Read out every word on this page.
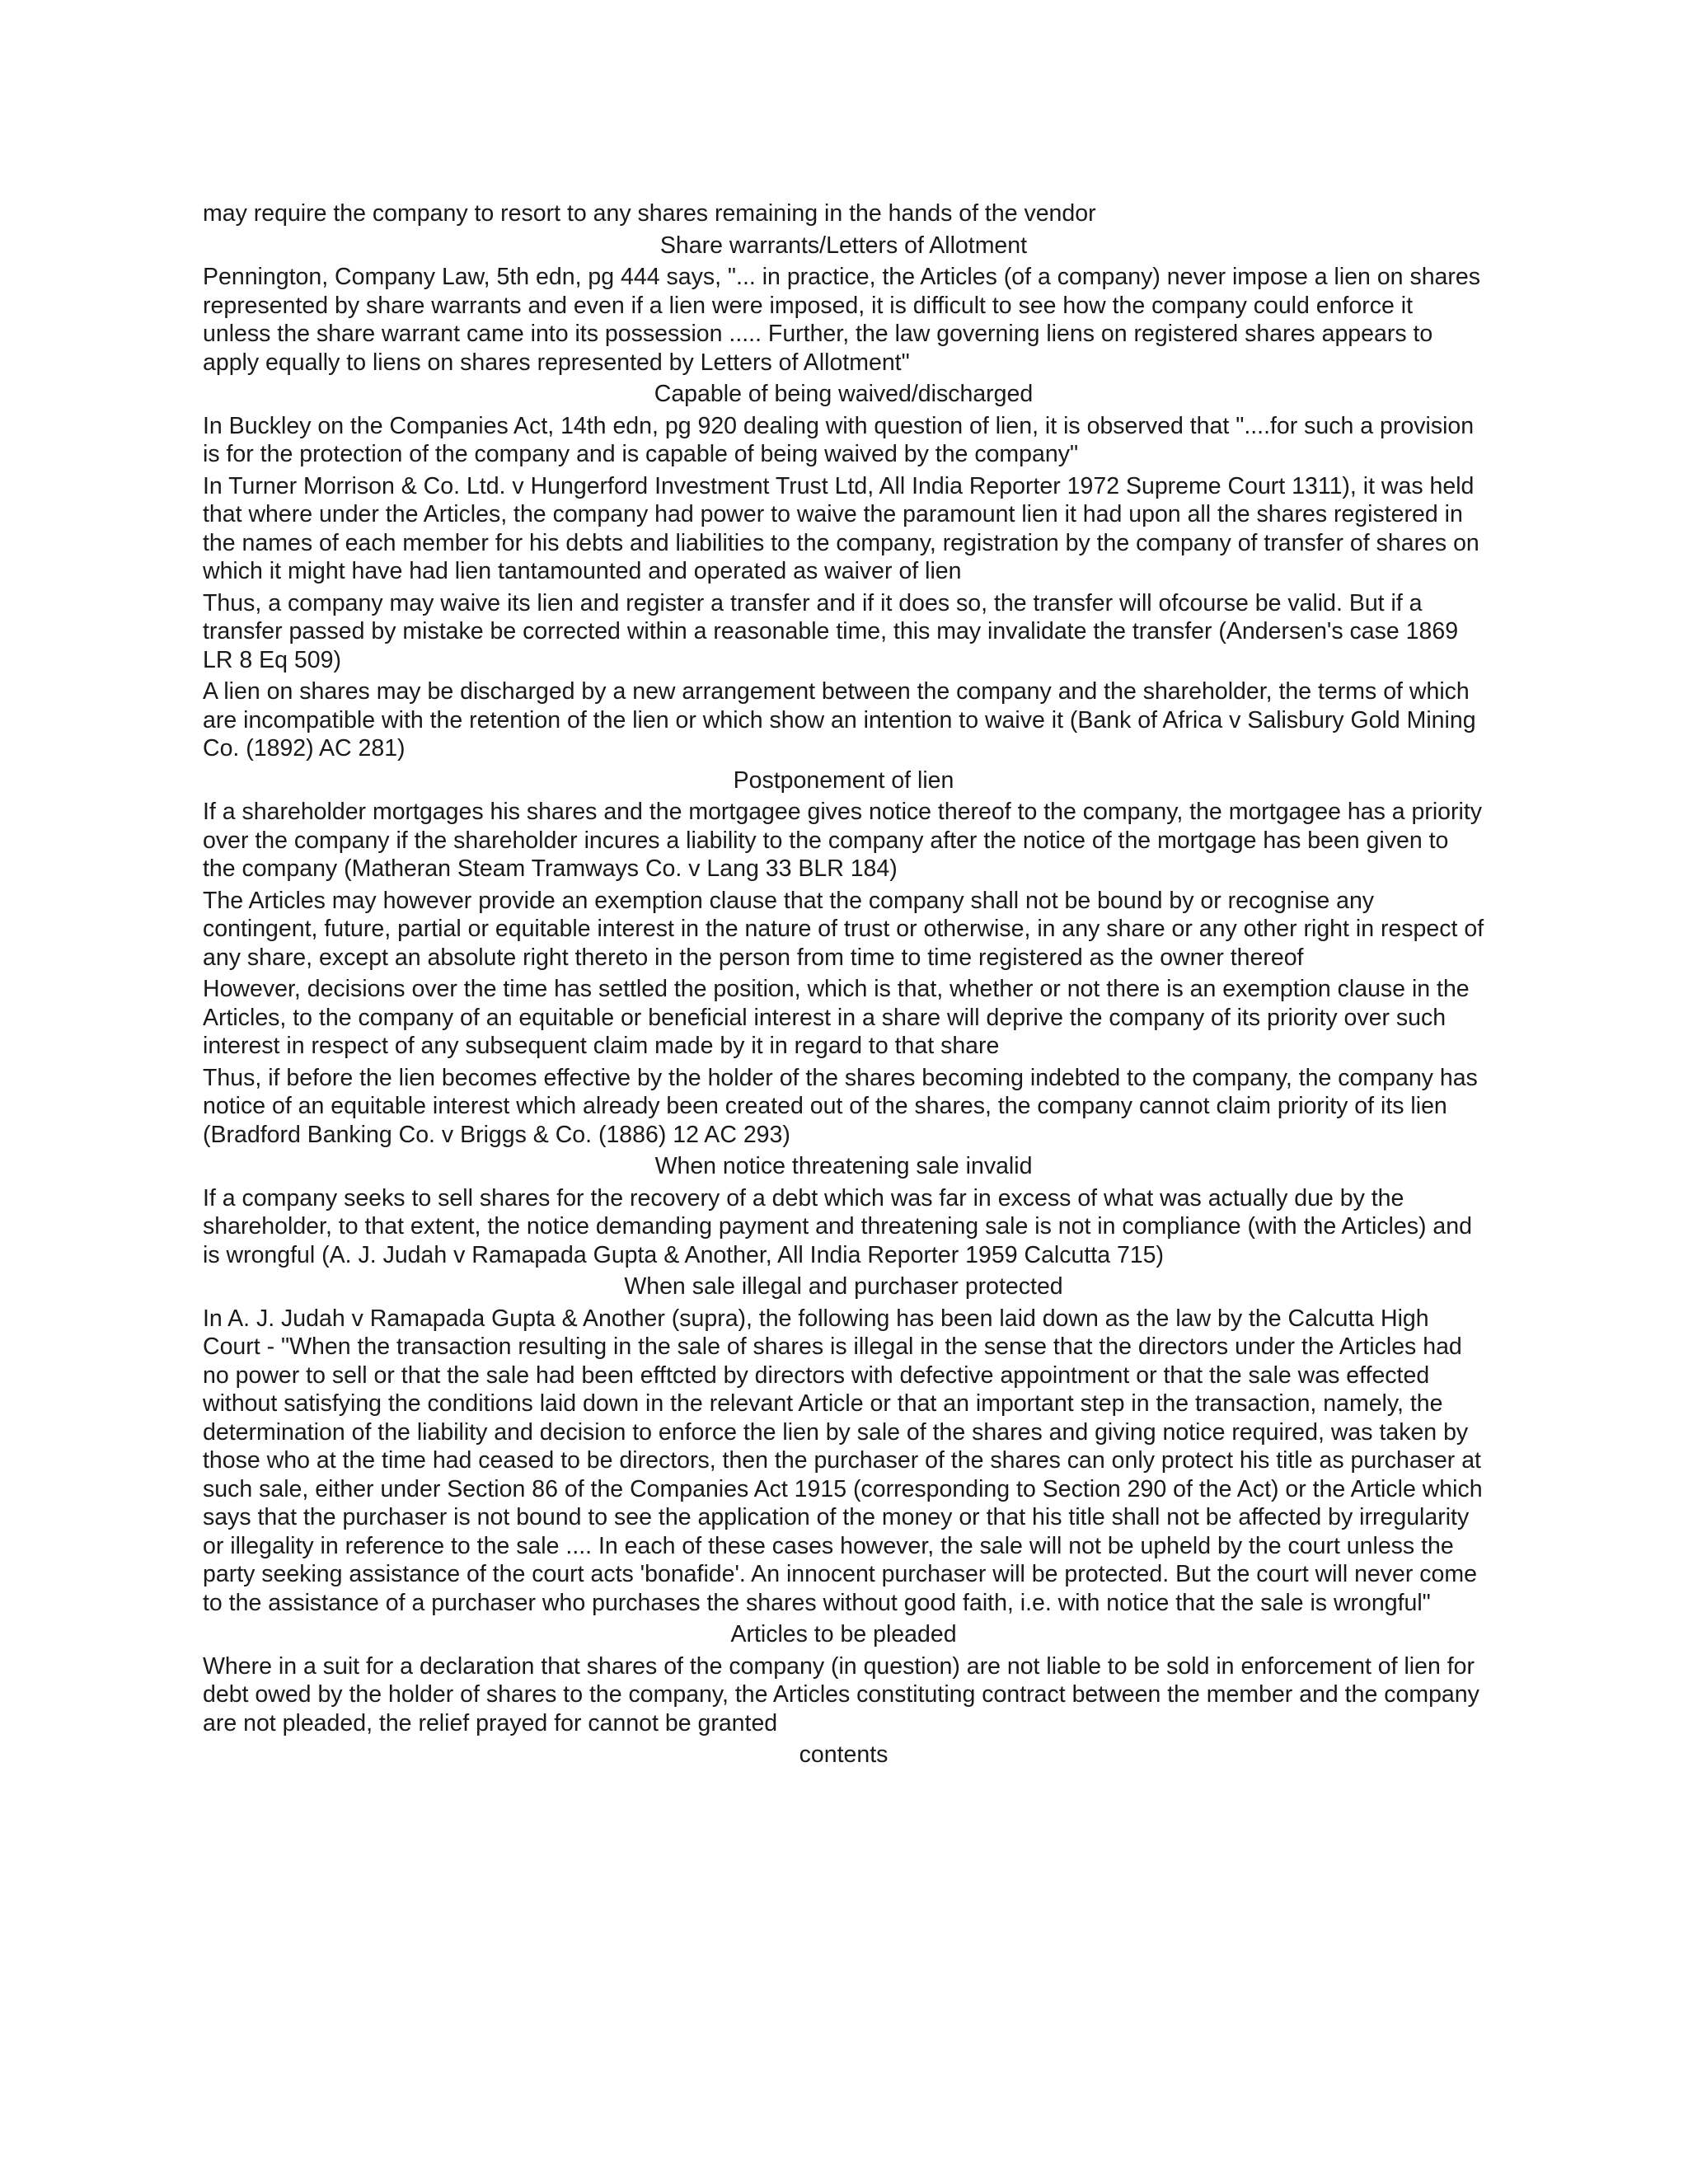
may require the company to resort to any shares remaining in the hands of the vendor

Share warrants/Letters of Allotment

Pennington, Company Law, 5th edn, pg 444 says, "... in practice, the Articles (of a company) never impose a lien on shares represented by share warrants and even if a lien were imposed, it is difficult to see how the company could enforce it unless the share warrant came into its possession ..... Further, the law governing liens on registered shares appears to apply equally to liens on shares represented by Letters of Allotment"

Capable of being waived/discharged

In Buckley on the Companies Act, 14th edn, pg 920 dealing with question of lien, it is observed that "....for such a provision is for the protection of the company and is capable of being waived by the company"

In Turner Morrison & Co. Ltd. v Hungerford Investment Trust Ltd, All India Reporter 1972 Supreme Court 1311), it was held that where under the Articles, the company had power to waive the paramount lien it had upon all the shares registered in the names of each member for his debts and liabilities to the company, registration by the company of transfer of shares on which it might have had lien tantamounted and operated as waiver of lien

Thus, a company may waive its lien and register a transfer and if it does so, the transfer will ofcourse be valid. But if a transfer passed by mistake be corrected within a reasonable time, this may invalidate the transfer (Andersen's case 1869 LR 8 Eq 509)

A lien on shares may be discharged by a new arrangement between the company and the shareholder, the terms of which are incompatible with the retention of the lien or which show an intention to waive it (Bank of Africa v Salisbury Gold Mining Co. (1892) AC 281)

Postponement of lien

If a shareholder mortgages his shares and the mortgagee gives notice thereof to the company, the mortgagee has a priority over the company if the shareholder incures a liability to the company after the notice of the mortgage has been given to the company (Matheran Steam Tramways Co. v Lang 33 BLR 184)

The Articles may however provide an exemption clause that the company shall not be bound by or recognise any contingent, future, partial or equitable interest in the nature of trust or otherwise, in any share or any other right in respect of any share, except an absolute right thereto in the person from time to time registered as the owner thereof

However, decisions over the time has settled the position, which is that, whether or not there is an exemption clause in the Articles, to the company of an equitable or beneficial interest in a share will deprive the company of its priority over such interest in respect of any subsequent claim made by it in regard to that share

Thus, if before the lien becomes effective by the holder of the shares becoming indebted to the company, the company has notice of an equitable interest which already been created out of the shares, the company cannot claim priority of its lien (Bradford Banking Co. v Briggs & Co. (1886) 12 AC 293)

When notice threatening sale invalid

If a company seeks to sell shares for the recovery of a debt which was far in excess of what was actually due by the shareholder, to that extent, the notice demanding payment and threatening sale is not in compliance (with the Articles) and is wrongful (A. J. Judah v Ramapada Gupta & Another, All India Reporter 1959 Calcutta 715)

When sale illegal and purchaser protected

In A. J. Judah v Ramapada Gupta & Another (supra), the following has been laid down as the law by the Calcutta High Court - "When the transaction resulting in the sale of shares is illegal in the sense that the directors under the Articles had no power to sell or that the sale had been efftcted by directors with defective appointment or that the sale was effected without satisfying the conditions laid down in the relevant Article or that an important step in the transaction, namely, the determination of the liability and decision to enforce the lien by sale of the shares and giving notice required, was taken by those who at the time had ceased to be directors, then the purchaser of the shares can only protect his title as purchaser at such sale, either under Section 86 of the Companies Act 1915 (corresponding to Section 290 of the Act) or the Article which says that the purchaser is not bound to see the application of the money or that his title shall not be affected by irregularity or illegality in reference to the sale .... In each of these cases however, the sale will not be upheld by the court unless the party seeking assistance of the court acts 'bonafide'. An innocent purchaser will be protected. But the court will never come to the assistance of a purchaser who purchases the shares without good faith, i.e. with notice that the sale is wrongful"

Articles to be pleaded

Where in a suit for a declaration that shares of the company (in question) are not liable to be sold in enforcement of lien for debt owed by the holder of shares to the company, the Articles constituting contract between the member and the company are not pleaded, the relief prayed for cannot be granted

contents
